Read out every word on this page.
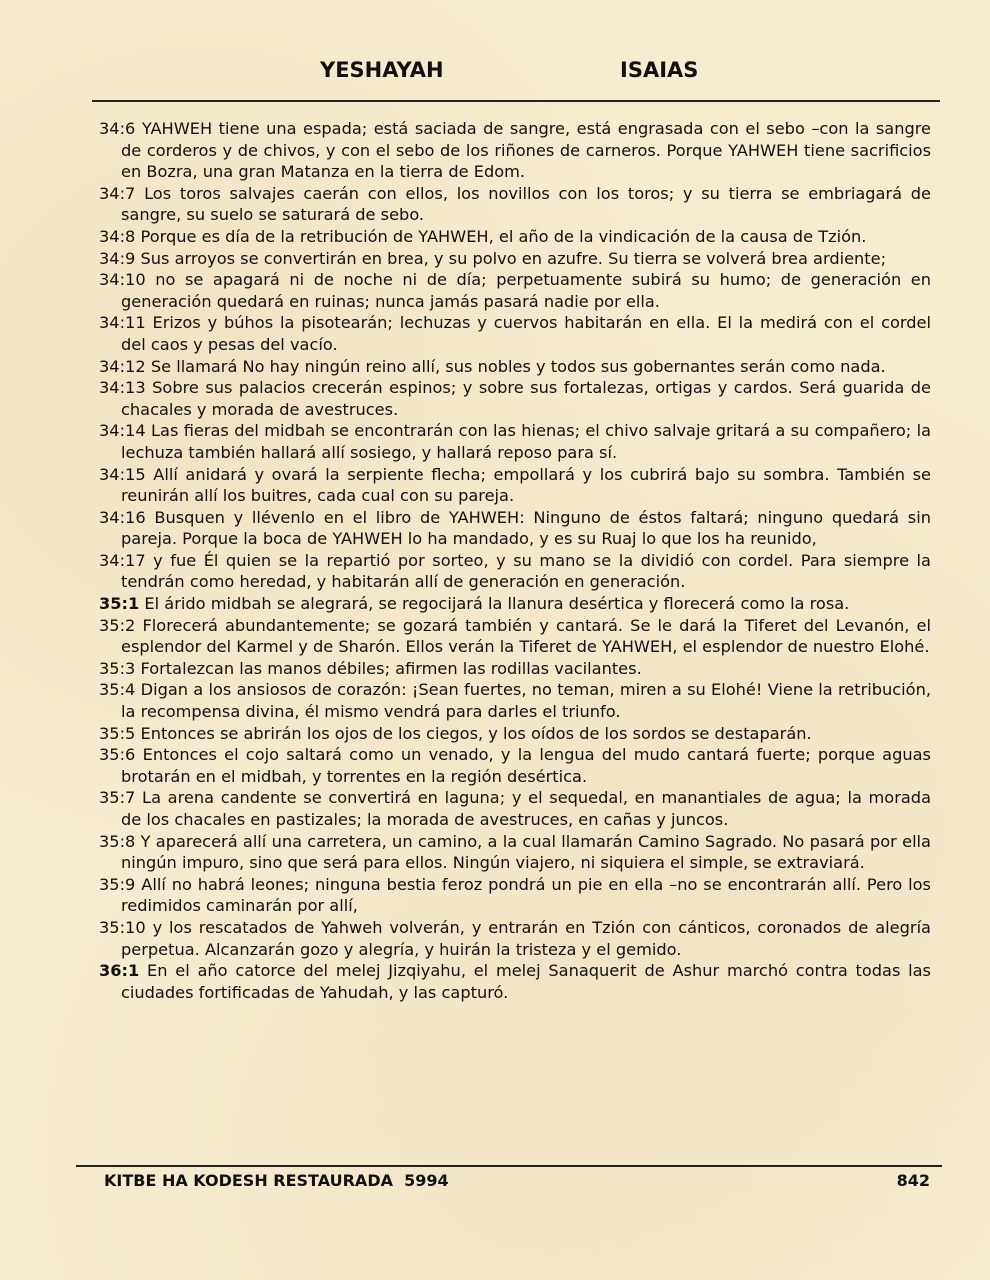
YESHAYAH	ISAIAS

34:6 YAHWEH tiene una espada; está saciada de sangre, está engrasada con el sebo –con la sangre de corderos y de chivos, y con el sebo de los riñones de carneros. Porque YAHWEH tiene sacrificios en Bozra, una gran Matanza en la tierra de Edom.

34:7 Los toros salvajes caerán con ellos, los novillos con los toros; y su tierra se embriagará de sangre, su suelo se saturará de sebo.

34:8 Porque es día de la retribución de YAHWEH, el año de la vindicación de la causa de Tzión.

34:9 Sus arroyos se convertirán en brea, y su polvo en azufre. Su tierra se volverá brea ardiente;

34:10 no se apagará ni de noche ni de día; perpetuamente subirá su humo; de generación en generación quedará en ruinas; nunca jamás pasará nadie por ella.

34:11 Erizos y búhos la pisotearán; lechuzas y cuervos habitarán en ella. El la medirá con el cordel del caos y pesas del vacío.

34:12 Se llamará No hay ningún reino allí, sus nobles y todos sus gobernantes serán como nada.

34:13 Sobre sus palacios crecerán espinos; y sobre sus fortalezas, ortigas y cardos. Será guarida de chacales y morada de avestruces.

34:14 Las fieras del midbah se encontrarán con las hienas; el chivo salvaje gritará a su compañero; la lechuza también hallará allí sosiego, y hallará reposo para sí.

34:15 Allí anidará y ovará la serpiente flecha; empollará y los cubrirá bajo su sombra. También se reunirán allí los buitres, cada cual con su pareja.

34:16 Busquen y llévenlo en el libro de YAHWEH: Ninguno de éstos faltará; ninguno quedará sin pareja. Porque la boca de YAHWEH lo ha mandado, y es su Ruaj lo que los ha reunido,

34:17 y fue Él quien se la repartió por sorteo, y su mano se la dividió con cordel. Para siempre la tendrán como heredad, y habitarán allí de generación en generación.

35:1 El árido midbah se alegrará, se regocijará la llanura desértica y florecerá como la rosa.

35:2 Florecerá abundantemente; se gozará también y cantará. Se le dará la Tiferet del Levanón, el esplendor del Karmel y de Sharón. Ellos verán la Tiferet de YAHWEH, el esplendor de nuestro Elohé.

35:3 Fortalezcan las manos débiles; afirmen las rodillas vacilantes.

35:4 Digan a los ansiosos de corazón: ¡Sean fuertes, no teman, miren a su Elohé! Viene la retribución, la recompensa divina, él mismo vendrá para darles el triunfo.

35:5 Entonces se abrirán los ojos de los ciegos, y los oídos de los sordos se destaparán.

35:6 Entonces el cojo saltará como un venado, y la lengua del mudo cantará fuerte; porque aguas brotarán en el midbah, y torrentes en la región desértica.

35:7 La arena candente se convertirá en laguna; y el sequedal, en manantiales de agua; la morada de los chacales en pastizales; la morada de avestruces, en cañas y juncos.

35:8 Y aparecerá allí una carretera, un camino, a la cual llamarán Camino Sagrado. No pasará por ella ningún impuro, sino que será para ellos. Ningún viajero, ni siquiera el simple, se extraviará.

35:9 Allí no habrá leones; ninguna bestia feroz pondrá un pie en ella –no se encontrarán allí. Pero los redimidos caminarán por allí,

35:10 y los rescatados de Yahweh volverán, y entrarán en Tzión con cánticos, coronados de alegría perpetua. Alcanzarán gozo y alegría, y huirán la tristeza y el gemido.

36:1 En el año catorce del melej Jizqiyahu, el melej Sanaquerit de Ashur marchó contra todas las ciudades fortificadas de Yahudah, y las capturó.

KITBE HA KODESH RESTAURADA  5994	842
